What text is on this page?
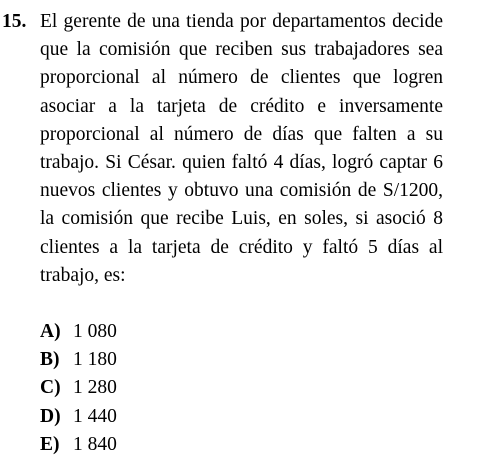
15. El gerente de una tienda por departamentos decide que la comisión que reciben sus trabajadores sea proporcional al número de clientes que logren asociar a la tarjeta de crédito e inversamente proporcional al número de días que falten a su trabajo. Si César. quien faltó 4 días, logró captar 6 nuevos clientes y obtuvo una comisión de S/1200, la comisión que recibe Luis, en soles, si asoció 8 clientes a la tarjeta de crédito y faltó 5 días al trabajo, es:
A) 1 080
B) 1 180
C) 1 280
D) 1 440
E) 1 840
